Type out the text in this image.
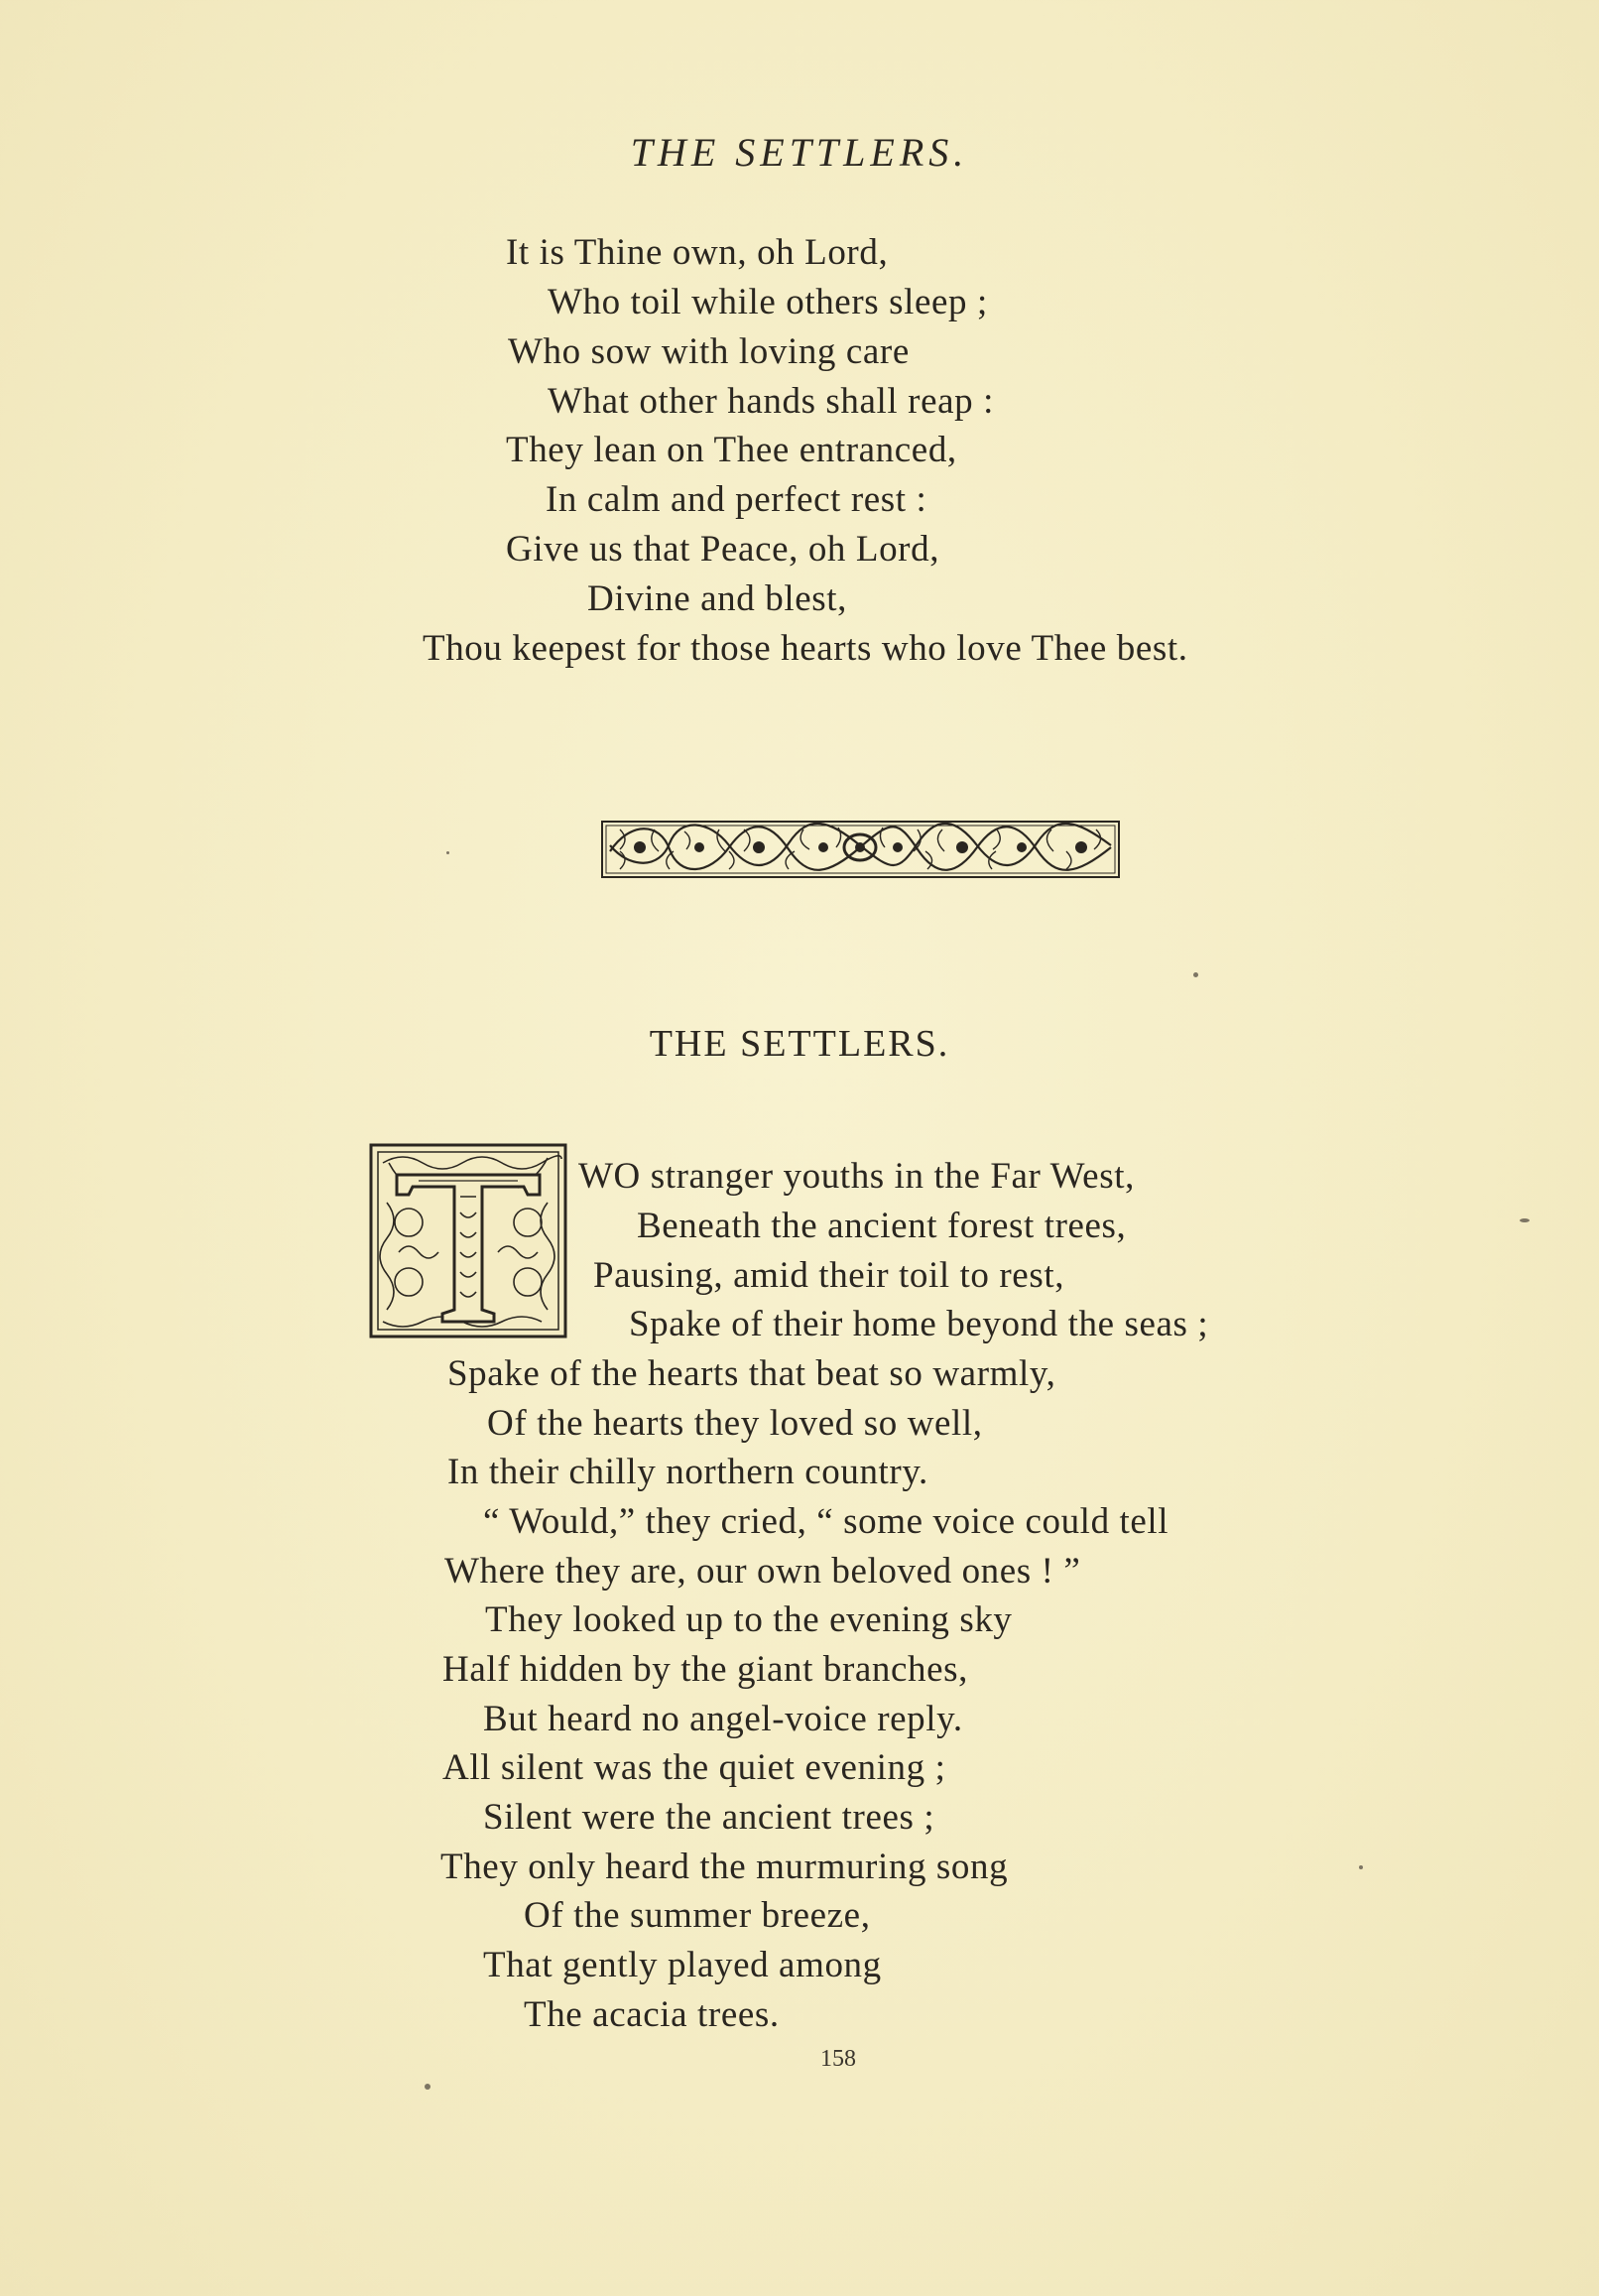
THE SETTLERS.
It is Thine own, oh Lord,
Who toil while others sleep ;
Who sow with loving care
What other hands shall reap :
They lean on Thee entranced,
In calm and perfect rest :
Give us that Peace, oh Lord,
Divine and blest,
Thou keepest for those hearts who love Thee best.
THE SETTLERS.
WO stranger youths in the Far West,
Beneath the ancient forest trees,
Pausing, amid their toil to rest,
Spake of their home beyond the seas ;
Spake of the hearts that beat so warmly,
Of the hearts they loved so well,
In their chilly northern country.
“ Would,” they cried, “ some voice could tell
Where they are, our own beloved ones ! ”
They looked up to the evening sky
Half hidden by the giant branches,
But heard no angel-voice reply.
All silent was the quiet evening ;
Silent were the ancient trees ;
They only heard the murmuring song
Of the summer breeze,
That gently played among
The acacia trees.
158
